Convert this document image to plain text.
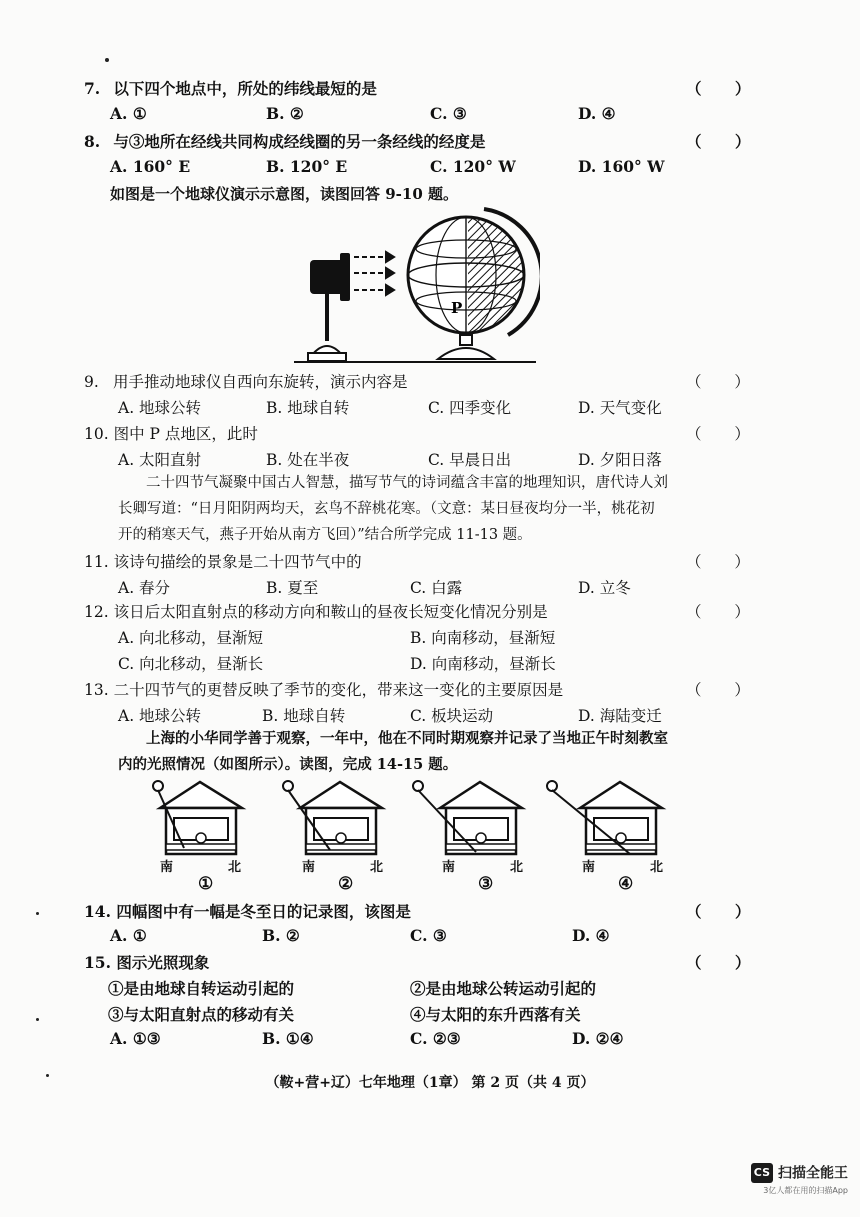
7. 以下四个地点中，所处的纬线最短的是	（ ）
A. ①	B. ②	C. ③	D. ④
8. 与③地所在经线共同构成经线圈的另一条经线的经度是	（ ）
A. 160° E	B. 120° E	C. 120° W	D. 160° W
如图是一个地球仪演示示意图，读图回答 9-10 题。
P
9. 用手推动地球仪自西向东旋转，演示内容是	（ ）
A. 地球公转	B. 地球自转	C. 四季变化	D. 天气变化
10. 图中 P 点地区，此时	（ ）
A. 太阳直射	B. 处在半夜	C. 早晨日出	D. 夕阳日落
二十四节气凝聚中国古人智慧，描写节气的诗词蕴含丰富的地理知识，唐代诗人刘
长卿写道：“日月阳阴两均天，玄鸟不辞桃花寒。（文意：某日昼夜均分一半，桃花初
开的稍寒天气，燕子开始从南方飞回）”结合所学完成 11-13 题。
11. 该诗句描绘的景象是二十四节气中的	（ ）
A. 春分	B. 夏至	C. 白露	D. 立冬
12. 该日后太阳直射点的移动方向和鞍山的昼夜长短变化情况分别是	（ ）
A. 向北移动，昼渐短	B. 向南移动，昼渐短
C. 向北移动，昼渐长	D. 向南移动，昼渐长
13. 二十四节气的更替反映了季节的变化，带来这一变化的主要原因是	（ ）
A. 地球公转	B. 地球自转	C. 板块运动	D. 海陆变迁
上海的小华同学善于观察，一年中，他在不同时期观察并记录了当地正午时刻教室
内的光照情况（如图所示）。读图，完成 14-15 题。
南	北	南	北	南	北	南	北
①	②	③	④
14. 四幅图中有一幅是冬至日的记录图，该图是	（ ）
A. ①	B. ②	C. ③	D. ④
15. 图示光照现象	（ ）
①是由地球自转运动引起的	②是由地球公转运动引起的
③与太阳直射点的移动有关	④与太阳的东升西落有关
A. ①③	B. ①④	C. ②③	D. ②④
（鞍+营+辽）七年地理（1章） 第 2 页（共 4 页）
CS 扫描全能王
3亿人都在用的扫描App
